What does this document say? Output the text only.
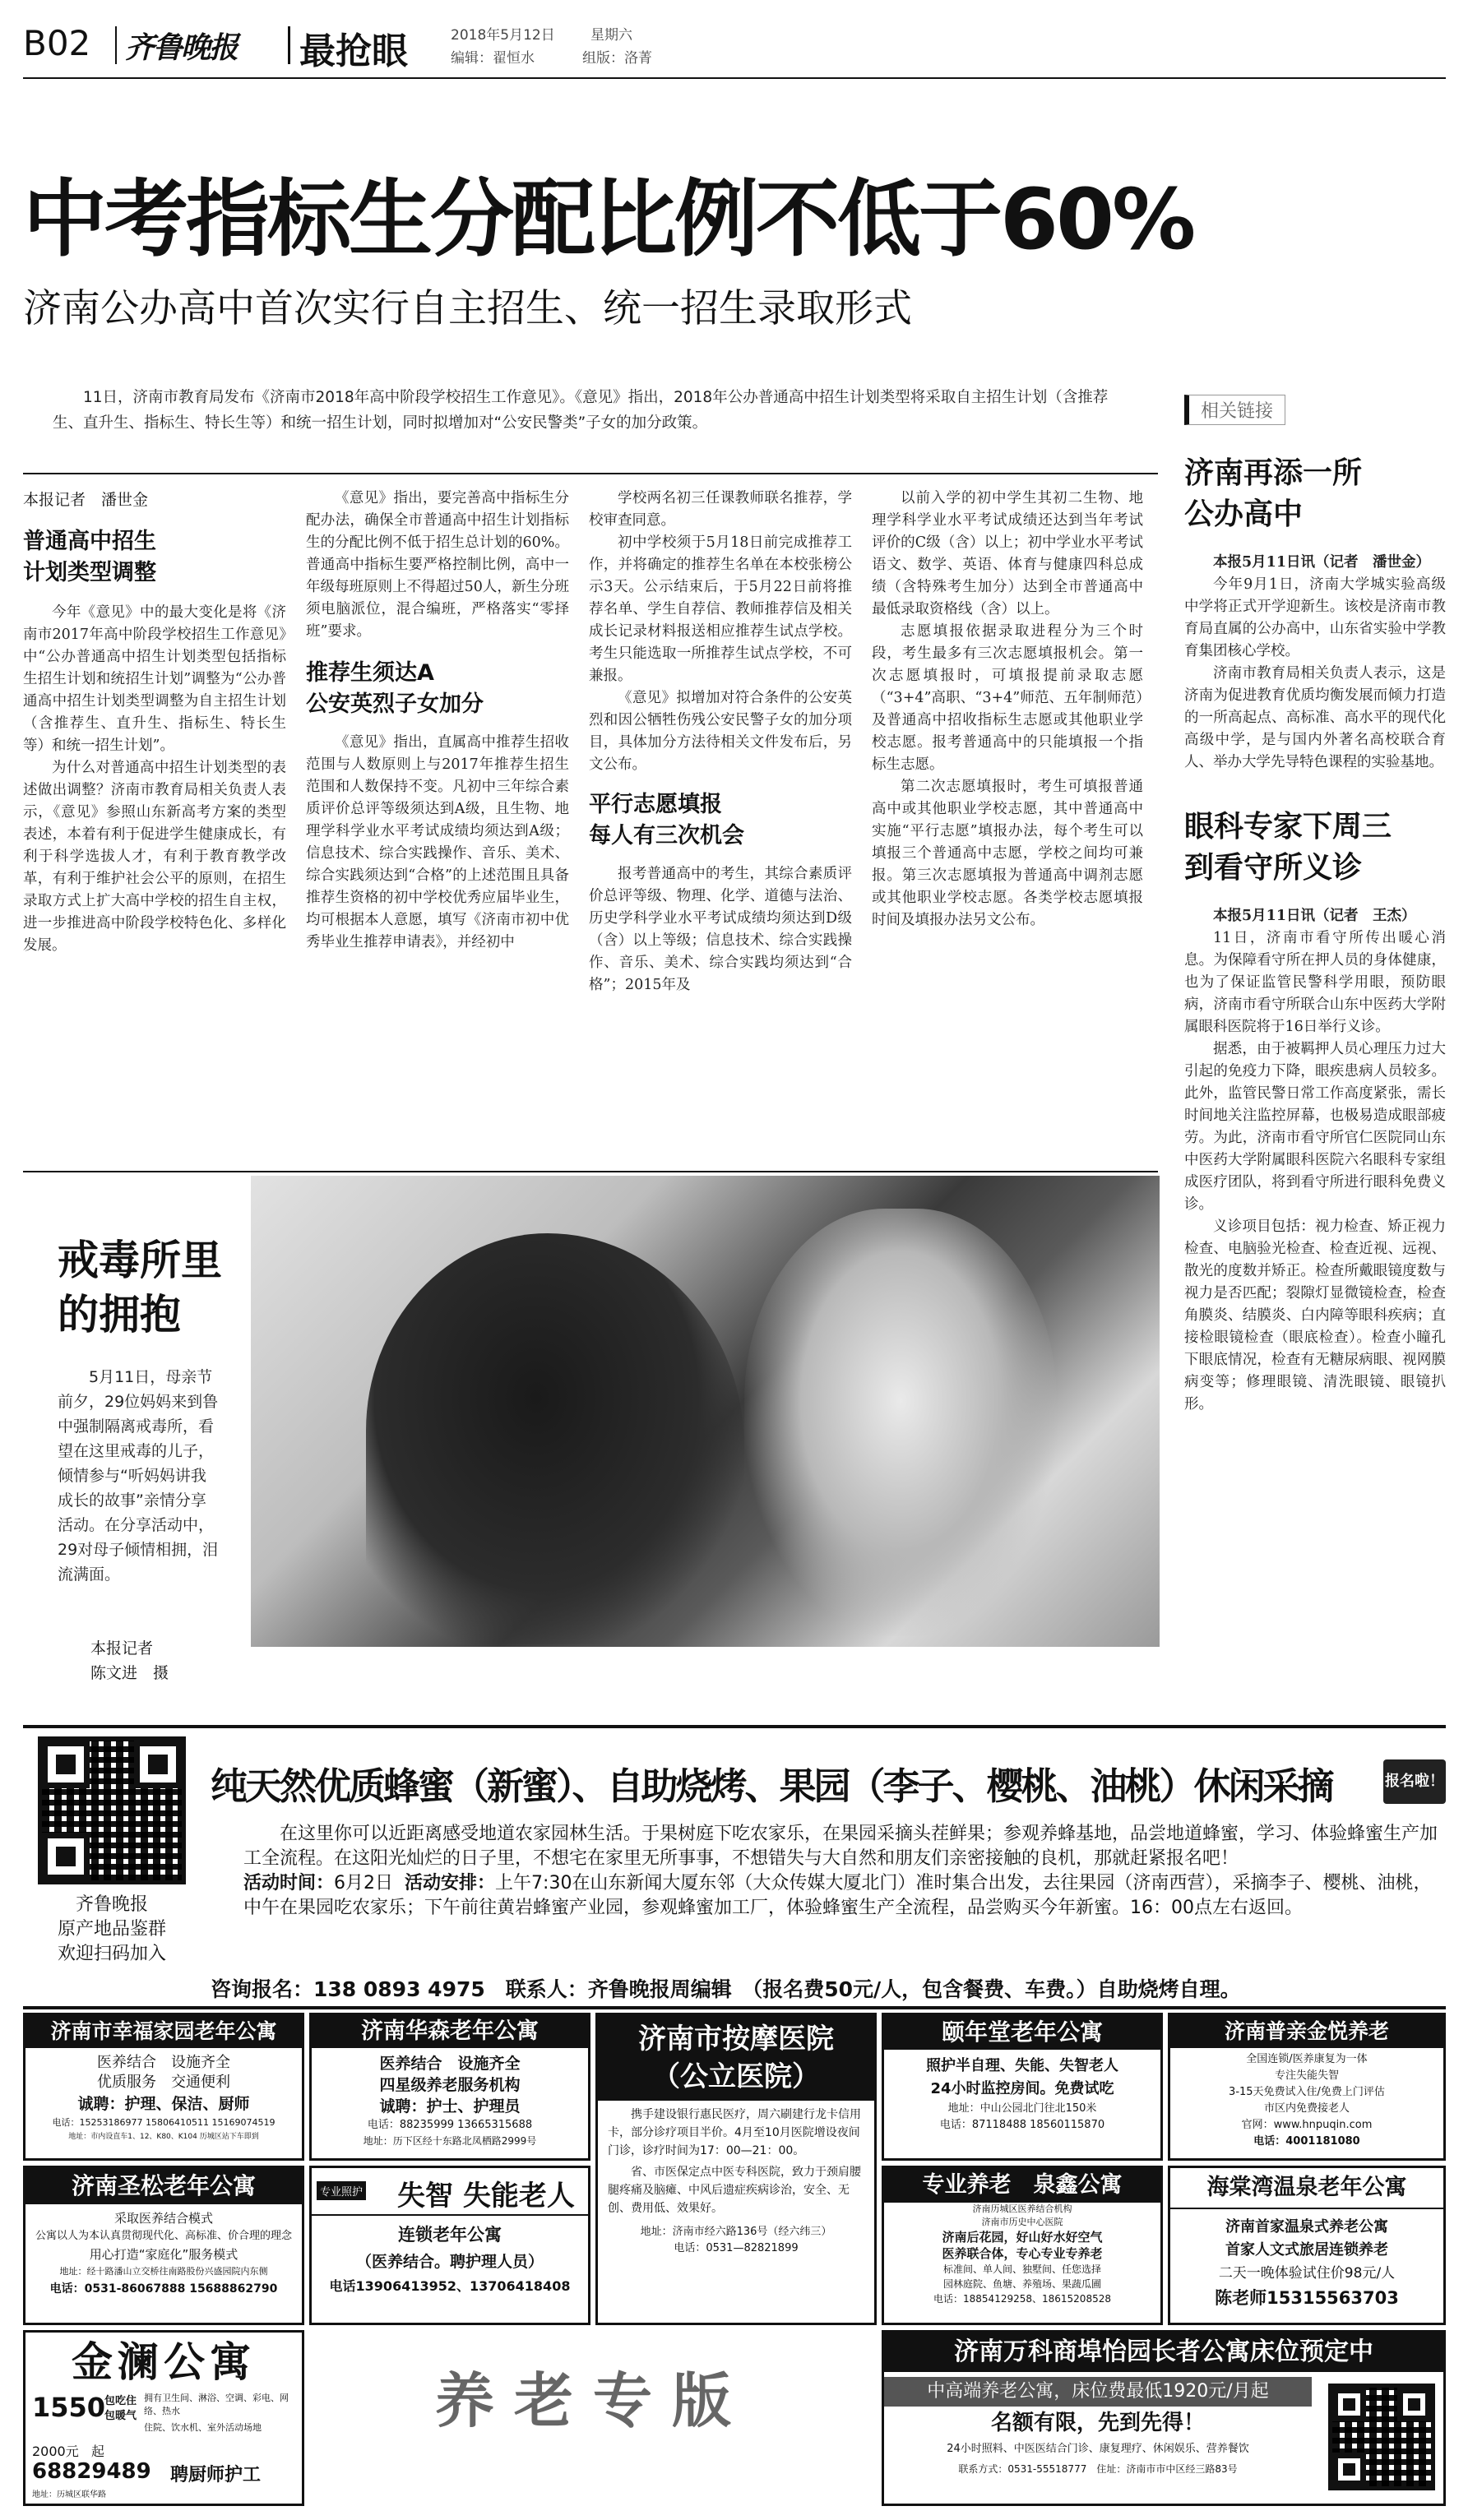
B02 齐鲁晚报 最抢眼	2018年5月12日	星期六
编辑：翟恒水	组版：洛菁
中考指标生分配比例不低于60%
济南公办高中首次实行自主招生、统一招生录取形式

11日，济南市教育局发布《济南市2018年高中阶段学校招生工作意见》。《意见》指出，2018年公办普通高中招生计划类型将采取自主招生计划（含推荐生、直升生、指标生、特长生等）和统一招生计划，同时拟增加对“公安民警类”子女的加分政策。

本报记者　潘世金
普通高中招生
计划类型调整

今年《意见》中的最大变化是将《济南市2017年高中阶段学校招生工作意见》中“公办普通高中招生计划类型包括指标生招生计划和统招生计划”调整为“公办普通高中招生计划类型调整为自主招生计划（含推荐生、直升生、指标生、特长生等）和统一招生计划”。

为什么对普通高中招生计划类型的表述做出调整？济南市教育局相关负责人表示，《意见》参照山东新高考方案的类型表述，本着有利于促进学生健康成长，有利于科学选拔人才，有利于教育教学改革，有利于维护社会公平的原则，在招生录取方式上扩大高中学校的招生自主权，进一步推进高中阶段学校特色化、多样化发展。

《意见》指出，要完善高中指标生分配办法，确保全市普通高中招生计划指标生的分配比例不低于招生总计划的60%。普通高中指标生要严格控制比例，高中一年级每班原则上不得超过50人，新生分班须电脑派位，混合编班，严格落实“零择班”要求。

推荐生须达A
公安英烈子女加分

《意见》指出，直属高中推荐生招收范围与人数原则上与2017年推荐生招生范围和人数保持不变。凡初中三年综合素质评价总评等级须达到A级，且生物、地理学科学业水平考试成绩均须达到A级；信息技术、综合实践操作、音乐、美术、综合实践须达到“合格”的上述范围且具备推荐生资格的初中学校优秀应届毕业生，均可根据本人意愿，填写《济南市初中优秀毕业生推荐申请表》，并经初中

学校两名初三任课教师联名推荐，学校审查同意。

初中学校须于5月18日前完成推荐工作，并将确定的推荐生名单在本校张榜公示3天。公示结束后，于5月22日前将推荐名单、学生自荐信、教师推荐信及相关成长记录材料报送相应推荐生试点学校。考生只能选取一所推荐生试点学校，不可兼报。

《意见》拟增加对符合条件的公安英烈和因公牺牲伤残公安民警子女的加分项目，具体加分方法待相关文件发布后，另文公布。

平行志愿填报
每人有三次机会

报考普通高中的考生，其综合素质评价总评等级、物理、化学、道德与法治、历史学科学业水平考试成绩均须达到D级（含）以上等级；信息技术、综合实践操作、音乐、美术、综合实践均须达到“合格”；2015年及

以前入学的初中学生其初二生物、地理学科学业水平考试成绩还达到当年考试评价的C级（含）以上；初中学业水平考试语文、数学、英语、体育与健康四科总成绩（含特殊考生加分）达到全市普通高中最低录取资格线（含）以上。

志愿填报依据录取进程分为三个时段，考生最多有三次志愿填报机会。第一次志愿填报时，可填报提前录取志愿（“3+4”高职、“3+4”师范、五年制师范）及普通高中招收指标生志愿或其他职业学校志愿。报考普通高中的只能填报一个指标生志愿。

第二次志愿填报时，考生可填报普通高中或其他职业学校志愿，其中普通高中实施“平行志愿”填报办法，每个考生可以填报三个普通高中志愿，学校之间均可兼报。第三次志愿填报为普通高中调剂志愿或其他职业学校志愿。各类学校志愿填报时间及填报办法另文公布。

戒毒所里
的拥抱
5月11日，母亲节前夕，29位妈妈来到鲁中强制隔离戒毒所，看望在这里戒毒的儿子，倾情参与“听妈妈讲我成长的故事”亲情分享活动。在分享活动中，29对母子倾情相拥，泪流满面。
本报记者
陈文进　摄
相关链接
济南再添一所
公办高中

本报5月11日讯（记者　潘世金）

今年9月1日，济南大学城实验高级中学将正式开学迎新生。该校是济南市教育局直属的公办高中，山东省实验中学教育集团核心学校。

济南市教育局相关负责人表示，这是济南为促进教育优质均衡发展而倾力打造的一所高起点、高标准、高水平的现代化高级中学，是与国内外著名高校联合育人、举办大学先导特色课程的实验基地。

眼科专家下周三
到看守所义诊

本报5月11日讯（记者　王杰）

11日，济南市看守所传出暖心消息。为保障看守所在押人员的身体健康，也为了保证监管民警科学用眼，预防眼病，济南市看守所联合山东中医药大学附属眼科医院将于16日举行义诊。

据悉，由于被羁押人员心理压力过大引起的免疫力下降，眼疾患病人员较多。此外，监管民警日常工作高度紧张，需长时间地关注监控屏幕，也极易造成眼部疲劳。为此，济南市看守所官仁医院同山东中医药大学附属眼科医院六名眼科专家组成医疗团队，将到看守所进行眼科免费义诊。

义诊项目包括：视力检查、矫正视力检查、电脑验光检查、检查近视、远视、散光的度数并矫正。检查所戴眼镜度数与视力是否匹配；裂隙灯显微镜检查，检查角膜炎、结膜炎、白内障等眼科疾病；直接检眼镜检查（眼底检查）。检查小瞳孔下眼底情况，检查有无糖尿病眼、视网膜病变等；修理眼镜、清洗眼镜、眼镜扒形。

齐鲁晚报
原产地品鉴群
欢迎扫码加入
纯天然优质蜂蜜（新蜜）、自助烧烤、果园（李子、樱桃、油桃）休闲采摘	报名啦！

在这里你可以近距离感受地道农家园林生活。于果树庭下吃农家乐，在果园采摘头茬鲜果；参观养蜂基地，品尝地道蜂蜜，学习、体验蜂蜜生产加工全流程。在这阳光灿烂的日子里，不想宅在家里无所事事，不想错失与大自然和朋友们亲密接触的良机，那就赶紧报名吧！

活动时间：6月2日 活动安排：上午7:30在山东新闻大厦东邻（大众传媒大厦北门）准时集合出发，去往果园（济南西营），采摘李子、樱桃、油桃，中午在果园吃农家乐；下午前往黄岩蜂蜜产业园，参观蜂蜜加工厂，体验蜂蜜生产全流程，品尝购买今年新蜜。16：00点左右返回。

咨询报名：138 0893 4975　联系人：齐鲁晚报周编辑　（报名费50元/人，包含餐费、车费。）自助烧烤自理。
济南市幸福家园老年公寓
医养结合　设施齐全
优质服务　交通便利
诚聘：护理、保洁、厨师
电话：15253186977 15806410511 15169074519
地址：市内设直车1、12、K80、K104 历城区站下车即到
济南华森老年公寓
医养结合　设施齐全
四星级养老服务机构
诚聘：护士、护理员
电话：88235999 13665315688
地址：历下区经十东路北凤栖路2999号
济南市按摩医院
（公立医院）
携手建设银行惠民医疗，周六刷建行龙卡信用卡，部分诊疗项目半价。4月至10月医院增设夜间门诊，诊疗时间为17：00—21：00。
省、市医保定点中医专科医院，致力于颈肩腰腿疼痛及脑瘫、中风后遗症疾病诊治，安全、无创、费用低、效果好。
地址：济南市经六路136号（经六纬三）
电话：0531—82821899
颐年堂老年公寓
照护半自理、失能、失智老人
24小时监控房间。免费试吃
地址：中山公园北门往北150米
电话：87118488 18560115870
济南普亲金悦养老
全国连锁/医养康复为一体
专注失能失智
3-15天免费试入住/免费上门评估
市区内免费接老人
官网：www.hnpuqin.com
电话：4001181080
济南圣松老年公寓
采取医养结合模式
公寓以人为本认真贯彻现代化、高标准、价合理的理念
用心打造“家庭化”服务模式
地址：经十路潘山立交桥往南路股份兴盛园院内东侧
电话：0531-86067888 15688862790
专业照护 失智 失能老人
连锁老年公寓
（医养结合。聘护理人员）
电话13906413952、13706418408
专业养老　泉鑫公寓
济南历城区医养结合机构
济南市历史中心医院
济南后花园，好山好水好空气
医养联合体，专心专业专养老
标准间、单人间、独墅间、任您选择
园林庭院、鱼塘、养殖场、果蔬瓜圃
电话：18854129258、18615208528
海棠湾温泉老年公寓
济南首家温泉式养老公寓
首家人文式旅居连锁养老
二天一晚体验试住价98元/人
陈老师15315563703
金澜公寓
1550
包吃住
包暖气
拥有卫生间、淋浴、空调、彩电、网络、热水
住院、饮水机、室外活动场地
2000元 起
68829489 聘厨师护工
地址：历城区联华路
养老专版
济南万科商埠怡园长者公寓床位预定中
中高端养老公寓，床位费最低1920元/月起
名额有限，先到先得！
24小时照料、中医医结合门诊、康复理疗、休闲娱乐、营养餐饮
联系方式：0531-55518777　住址：济南市市中区经三路83号
